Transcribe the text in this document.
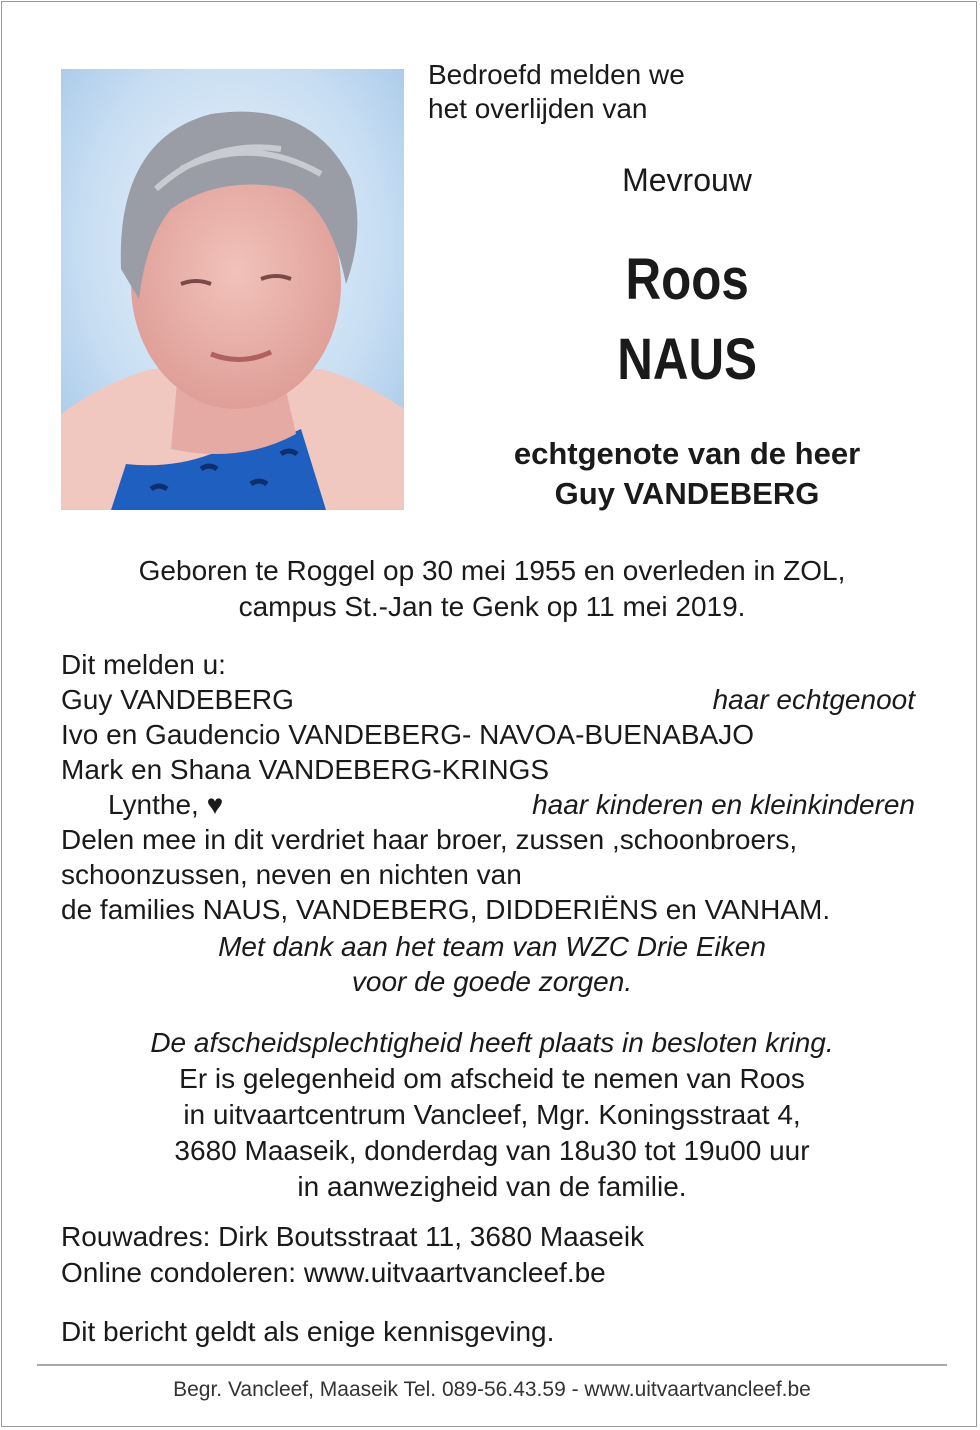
Bedroefd melden we
het overlijden van
Mevrouw
Roos
NAUS
echtgenote van de heer
Guy VANDEBERG
Geboren te Roggel op 30 mei 1955 en overleden in ZOL,
campus St.-Jan te Genk op 11 mei 2019.
Dit melden u:
Guy VANDEBERG	haar echtgenoot
Ivo en Gaudencio VANDEBERG- NAVOA-BUENABAJO
Mark en Shana VANDEBERG-KRINGS
Lynthe, ♥	haar kinderen en kleinkinderen
Delen mee in dit verdriet haar broer, zussen ,schoonbroers,
schoonzussen, neven en nichten van
de families NAUS, VANDEBERG, DIDDERIËNS en VANHAM.
Met dank aan het team van WZC Drie Eiken
voor de goede zorgen.
De afscheidsplechtigheid heeft plaats in besloten kring.
Er is gelegenheid om afscheid te nemen van Roos
in uitvaartcentrum Vancleef, Mgr. Koningsstraat 4,
3680 Maaseik, donderdag van 18u30 tot 19u00 uur
in aanwezigheid van de familie.
Rouwadres: Dirk Boutsstraat 11, 3680 Maaseik
Online condoleren: www.uitvaartvancleef.be
Dit bericht geldt als enige kennisgeving.
Begr. Vancleef, Maaseik Tel. 089-56.43.59 - www.uitvaartvancleef.be
